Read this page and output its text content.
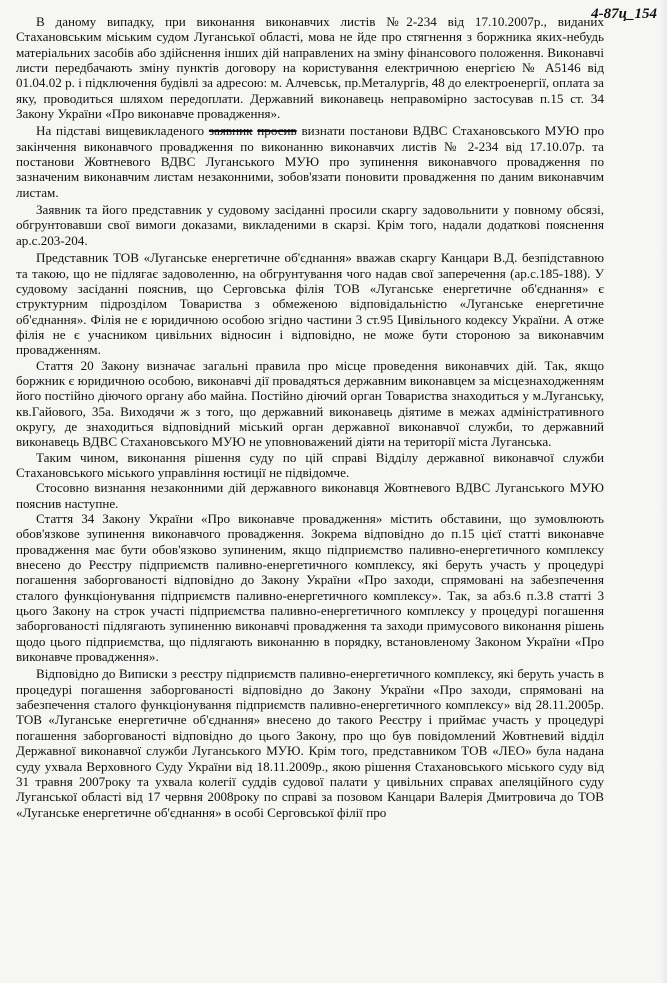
4-87ц_154

В даному випадку, при виконання виконавчих листів №2-234 від 17.10.2007р., виданих Стахановським міським судом Луганської області, мова не йде про стягнення з боржника яких-небудь матеріальних засобів або здійснення інших дій направлених на зміну фінансового положення. Виконавчі листи передбачають зміну пунктів договору на користування електричною енергією № А5146 від 01.04.02 р. і підключення будівлі за адресою: м. Алчевськ, пр.Металургів, 48 до електроенергії, оплата за яку, проводиться шляхом передоплати. Державний виконавець неправомірно застосував п.15 ст. 34 Закону України «Про виконавче провадження».

На підставі вищевикладеного заявник просив визнати постанови ВДВС Стахановського МУЮ про закінчення виконавчого провадження по виконанню виконавчих листів № 2-234 від 17.10.07р. та постанови Жовтневого ВДВС Луганського МУЮ про зупинення виконавчого провадження по зазначеним виконавчим листам незаконними, зобов'язати поновити провадження по даним виконавчим листам.

Заявник та його представник у судовому засіданні просили скаргу задовольнити у повному обсязі, обгрунтовавши свої вимоги доказами, викладеними в скарзі. Крім того, надали додаткові пояснення ар.с.203-204.

Представник ТОВ «Луганське енергетичне об'єднання» вважав скаргу Канцари В.Д. безпідставною та такою, що не підлягає задоволенню, на обгрунтування чого надав свої заперечення (ар.с.185-188). У судовому засіданні пояснив, що Серговська філія ТОВ «Луганське енергетичне об'єднання» є структурним підрозділом Товариства з обмеженою відповідальністю «Луганське енергетичне об'єднання». Філія не є юридичною особою згідно частини 3 ст.95 Цивільного кодексу України. А отже філія не є учасником цивільних відносин і відповідно, не може бути стороною за виконавчим провадженням.

Стаття 20 Закону визначає загальні правила про місце проведення виконавчих дій. Так, якщо боржник є юридичною особою, виконавчі дії провадяться державним виконавцем за місцезнаходженням його постійно діючого органу або майна. Постійно діючий орган Товариства знаходиться у м.Луганську, кв.Гайового, 35а. Виходячи ж з того, що державний виконавець діятиме в межах адміністративного округу, де знаходиться відповідний міський орган державної виконавчої служби, то державний виконавець ВДВС Стахановського МУЮ не уповноважений діяти на території міста Луганська.

Таким чином, виконання рішення суду по цій справі Відділу державної виконавчої служби Стахановського міського управління юстиції не підвідомче.

Стосовно визнання незаконними дій державного виконавця Жовтневого ВДВС Луганського МУЮ пояснив наступне.

Стаття 34 Закону України «Про виконавче провадження» містить обставини, що зумовлюють обов'язкове зупинення виконавчого провадження. Зокрема відповідно до п.15 цієї статті виконавче провадження має бути обов'язково зупиненим, якщо підприємство паливно-енергетичного комплексу внесено до Реєстру підприємств паливно-енергетичного комплексу, які беруть участь у процедурі погашення заборгованості відповідно до Закону України «Про заходи, спрямовані на забезпечення сталого функціонування підприємств паливно-енергетичного комплексу». Так, за абз.6 п.3.8 статті 3 цього Закону на строк участі підприємства паливно-енергетичного комплексу у процедурі погашення заборгованості підлягають зупиненню виконавчі провадження та заходи примусового виконання рішень щодо цього підприємства, що підлягають виконанню в порядку, встановленому Законом України «Про виконавче провадження».

Відповідно до Виписки з реєстру підприємств паливно-енергетичного комплексу, які беруть участь в процедурі погашення заборгованості відповідно до Закону України «Про заходи, спрямовані на забезпечення сталого функціонування підприємств паливно-енергетичного комплексу» від 28.11.2005р. ТОВ «Луганське енергетичне об'єднання» внесено до такого Реєстру і приймає участь у процедурі погашення заборгованості відповідно до цього Закону, про що був повідомлений Жовтневий відділ Державної виконавчої служби Луганського МУЮ. Крім того, представником ТОВ «ЛЕО» була надана суду ухвала Верховного Суду України від 18.11.2009р., якою рішення Стахановського міського суду від 31 травня 2007року та ухвала колегії суддів судової палати у цивільних справах апеляційного суду Луганської області від 17 червня 2008року по справі за позовом Канцари Валерія Дмитровича до ТОВ «Луганське енергетичне об'єднання» в особі Серговської філії про
